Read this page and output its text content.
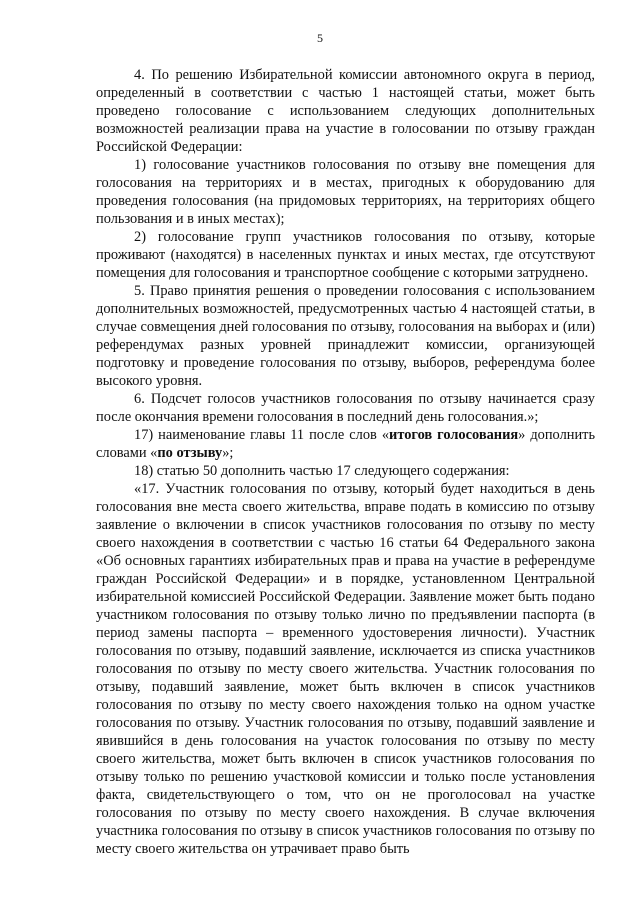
5

4. По решению Избирательной комиссии автономного округа в период, определенный в соответствии с частью 1 настоящей статьи, может быть проведено голосование с использованием следующих дополнительных возможностей реализации права на участие в голосовании по отзыву граждан Российской Федерации:

1) голосование участников голосования по отзыву вне помещения для голосования на территориях и в местах, пригодных к оборудованию для проведения голосования (на придомовых территориях, на территориях общего пользования и в иных местах);

2) голосование групп участников голосования по отзыву, которые проживают (находятся) в населенных пунктах и иных местах, где отсутствуют помещения для голосования и транспортное сообщение с которыми затруднено.

5. Право принятия решения о проведении голосования с использованием дополнительных возможностей, предусмотренных частью 4 настоящей статьи, в случае совмещения дней голосования по отзыву, голосования на выборах и (или) референдумах разных уровней принадлежит комиссии, организующей подготовку и проведение голосования по отзыву, выборов, референдума более высокого уровня.

6. Подсчет голосов участников голосования по отзыву начинается сразу после окончания времени голосования в последний день голосования.»;

17) наименование главы 11 после слов «итогов голосования» дополнить словами «по отзыву»;

18) статью 50 дополнить частью 17 следующего содержания:

«17. Участник голосования по отзыву, который будет находиться в день голосования вне места своего жительства, вправе подать в комиссию по отзыву заявление о включении в список участников голосования по отзыву по месту своего нахождения в соответствии с частью 16 статьи 64 Федерального закона «Об основных гарантиях избирательных прав и права на участие в референдуме граждан Российской Федерации» и в порядке, установленном Центральной избирательной комиссией Российской Федерации. Заявление может быть подано участником голосования по отзыву только лично по предъявлении паспорта (в период замены паспорта – временного удостоверения личности). Участник голосования по отзыву, подавший заявление, исключается из списка участников голосования по отзыву по месту своего жительства. Участник голосования по отзыву, подавший заявление, может быть включен в список участников голосования по отзыву по месту своего нахождения только на одном участке голосования по отзыву. Участник голосования по отзыву, подавший заявление и явившийся в день голосования на участок голосования по отзыву по месту своего жительства, может быть включен в список участников голосования по отзыву только по решению участковой комиссии и только после установления факта, свидетельствующего о том, что он не проголосовал на участке голосования по отзыву по месту своего нахождения. В случае включения участника голосования по отзыву в список участников голосования по отзыву по месту своего жительства он утрачивает право быть
